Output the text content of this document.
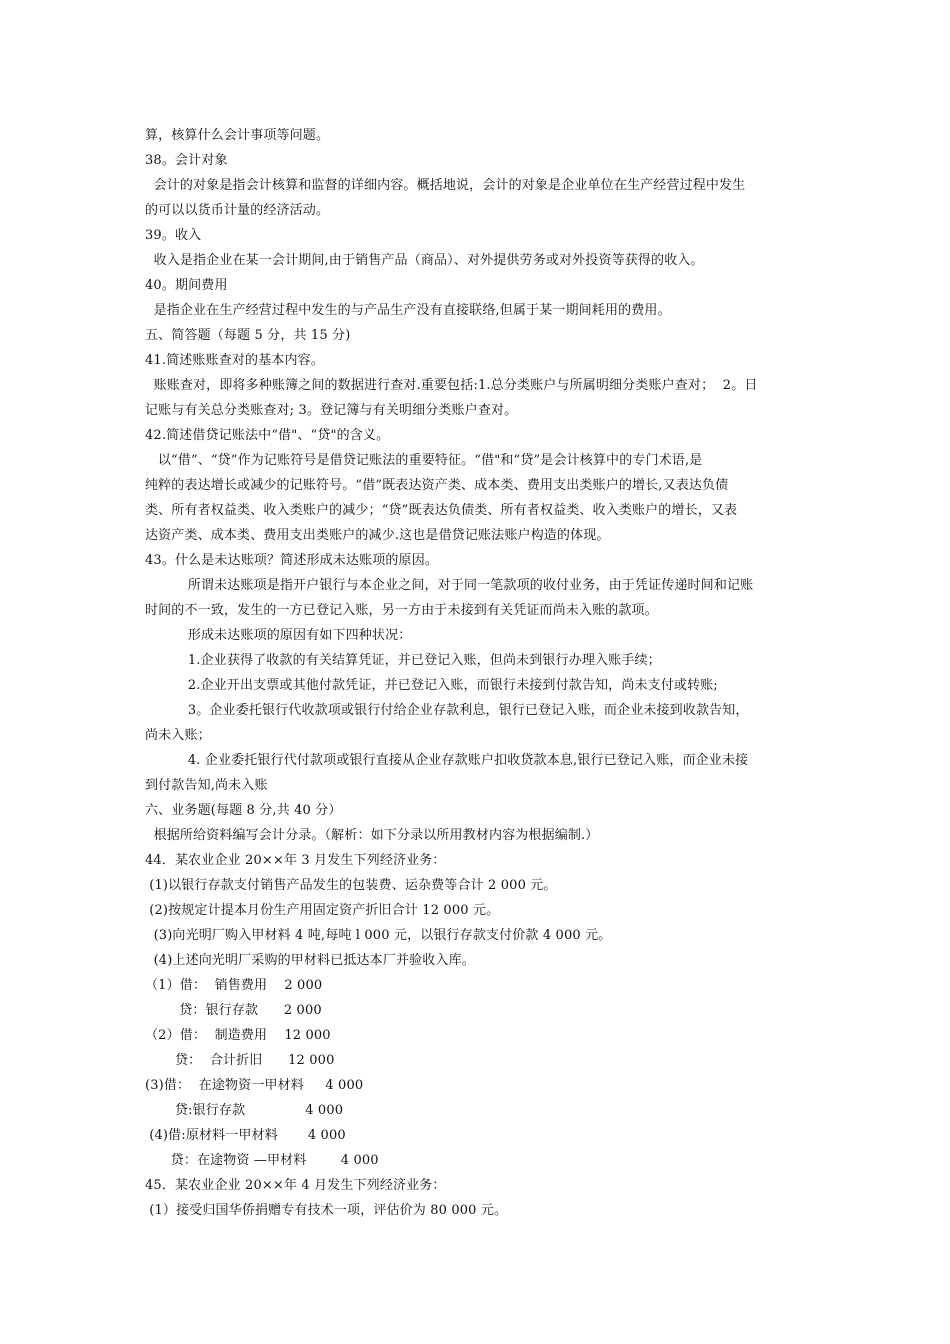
算，核算什么会计事项等问题。
38。会计对象
会计的对象是指会计核算和监督的详细内容。概括地说，会计的对象是企业单位在生产经营过程中发生
的可以以货币计量的经济活动。
39。收入
收入是指企业在某一会计期间,由于销售产品（商品）、对外提供劳务或对外投资等获得的收入。
40。期间费用
是指企业在生产经营过程中发生的与产品生产没有直接联络,但属于某一期间耗用的费用。
五、简答题（每题 5 分，共 15 分)
41.简述账账查对的基本内容。
账账查对，即将多种账簿之间的数据进行查对.重要包括:1.总分类账户与所属明细分类账户查对；  2。日
记账与有关总分类账查对; 3。登记簿与有关明细分类账户查对。
42.简述借贷记账法中“借"、“贷"的含义。
以“借”、“贷”作为记账符号是借贷记账法的重要特征。“借"和“贷”是会计核算中的专门术语,是
纯粹的表达增长或减少的记账符号。“借”既表达资产类、成本类、费用支出类账户的增长,又表达负债
类、所有者权益类、收入类账户的减少；“贷”既表达负债类、所有者权益类、收入类账户的增长，又表
达资产类、成本类、费用支出类账户的减少.这也是借贷记账法账户构造的体现。
43。什么是未达账项？简述形成未达账项的原因。
所谓未达账项是指开户银行与本企业之间，对于同一笔款项的收付业务，由于凭证传递时间和记账
时间的不一致，发生的一方已登记入账，另一方由于未接到有关凭证而尚未入账的款项。
形成未达账项的原因有如下四种状况：
1.企业获得了收款的有关结算凭证，并已登记入账，但尚未到银行办理入账手续；
2.企业开出支票或其他付款凭证，并已登记入账，而银行未接到付款告知，尚未支付或转账;
3。企业委托银行代收款项或银行付给企业存款利息，银行已登记入账，而企业未接到收款告知，
尚未入账；
4. 企业委托银行代付款项或银行直接从企业存款账户扣收贷款本息,银行已登记入账，而企业未接
到付款告知,尚未入账
六、业务题(每题 8 分,共 40 分）
根据所给资料编写会计分录。（解析：如下分录以所用教材内容为根据编制.）
44．某农业企业 20××年 3 月发生下列经济业务：
(1)以银行存款支付销售产品发生的包装费、运杂费等合计 2 000 元。
(2)按规定计提本月份生产用固定资产折旧合计 12 000 元。
(3)向光明厂购入甲材料 4 吨,每吨 l 000 元，以银行存款支付价款 4 000 元。
(4)上述向光明厂采购的甲材料已抵达本厂并验收入库。
（1）借：  销售费用    2 000
贷：银行存款      2 000
（2）借：  制造费用    12 000
贷：  合计折旧      12 000
(3)借：  在途物资一甲材料     4 000
贷:银行存款              4 000
(4)借:原材料一甲材料       4 000
贷：在途物资 —甲材料        4 000
45．某农业企业 20××年 4 月发生下列经济业务：
(1）接受归国华侨捐赠专有技术一项，评估价为 80 000 元。
